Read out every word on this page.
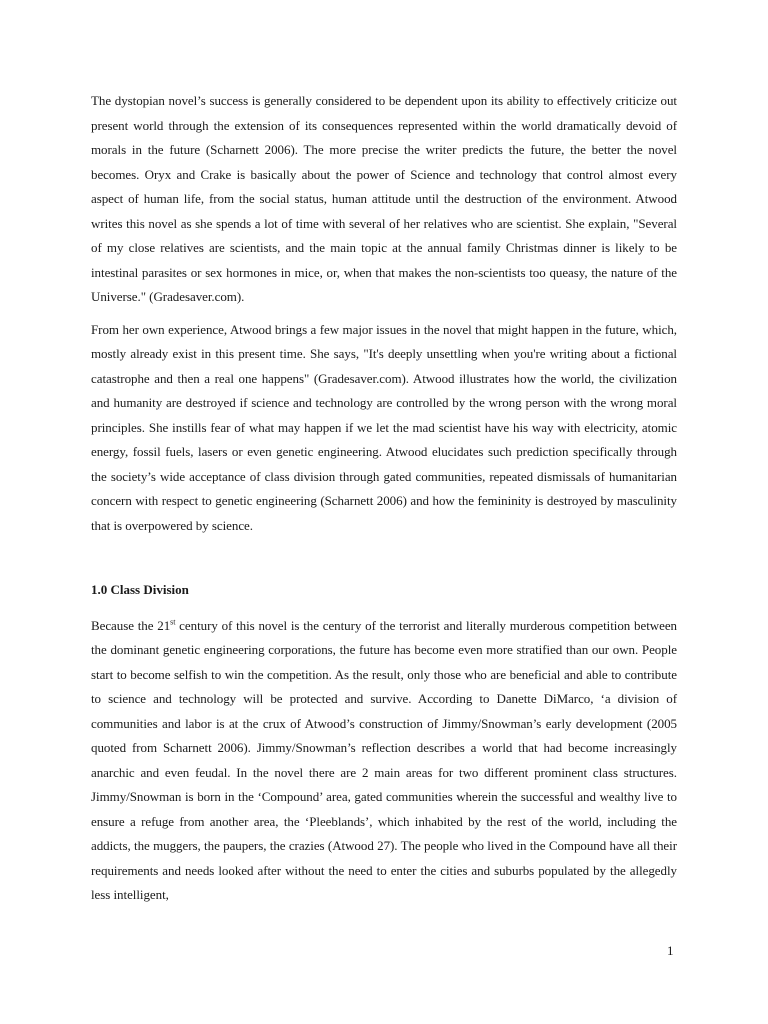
The dystopian novel’s success is generally considered to be dependent upon its ability to effectively criticize out present world through the extension of its consequences represented within the world dramatically devoid of morals in the future (Scharnett 2006). The more precise the writer predicts the future, the better the novel becomes. Oryx and Crake is basically about the power of Science and technology that control almost every aspect of human life, from the social status, human attitude until the destruction of the environment. Atwood writes this novel as she spends a lot of time with several of her relatives who are scientist. She explain, "Several of my close relatives are scientists, and the main topic at the annual family Christmas dinner is likely to be intestinal parasites or sex hormones in mice, or, when that makes the non-scientists too queasy, the nature of the Universe." (Gradesaver.com).

From her own experience, Atwood brings a few major issues in the novel that might happen in the future, which, mostly already exist in this present time. She says, "It's deeply unsettling when you're writing about a fictional catastrophe and then a real one happens" (Gradesaver.com). Atwood illustrates how the world, the civilization and humanity are destroyed if science and technology are controlled by the wrong person with the wrong moral principles. She instills fear of what may happen if we let the mad scientist have his way with electricity, atomic energy, fossil fuels, lasers or even genetic engineering. Atwood elucidates such prediction specifically through the society’s wide acceptance of class division through gated communities, repeated dismissals of humanitarian concern with respect to genetic engineering (Scharnett 2006) and how the femininity is destroyed by masculinity that is overpowered by science.

1.0 Class Division

Because the 21st century of this novel is the century of the terrorist and literally murderous competition between the dominant genetic engineering corporations, the future has become even more stratified than our own. People start to become selfish to win the competition. As the result, only those who are beneficial and able to contribute to science and technology will be protected and survive. According to Danette DiMarco, ‘a division of communities and labor is at the crux of Atwood’s construction of Jimmy/Snowman’s early development (2005 quoted from Scharnett 2006). Jimmy/Snowman’s reflection describes a world that had become increasingly anarchic and even feudal. In the novel there are 2 main areas for two different prominent class structures. Jimmy/Snowman is born in the ‘Compound’ area, gated communities wherein the successful and wealthy live to ensure a refuge from another area, the ‘Pleeblands’, which inhabited by the rest of the world, including the addicts, the muggers, the paupers, the crazies (Atwood 27). The people who lived in the Compound have all their requirements and needs looked after without the need to enter the cities and suburbs populated by the allegedly less intelligent,

1
